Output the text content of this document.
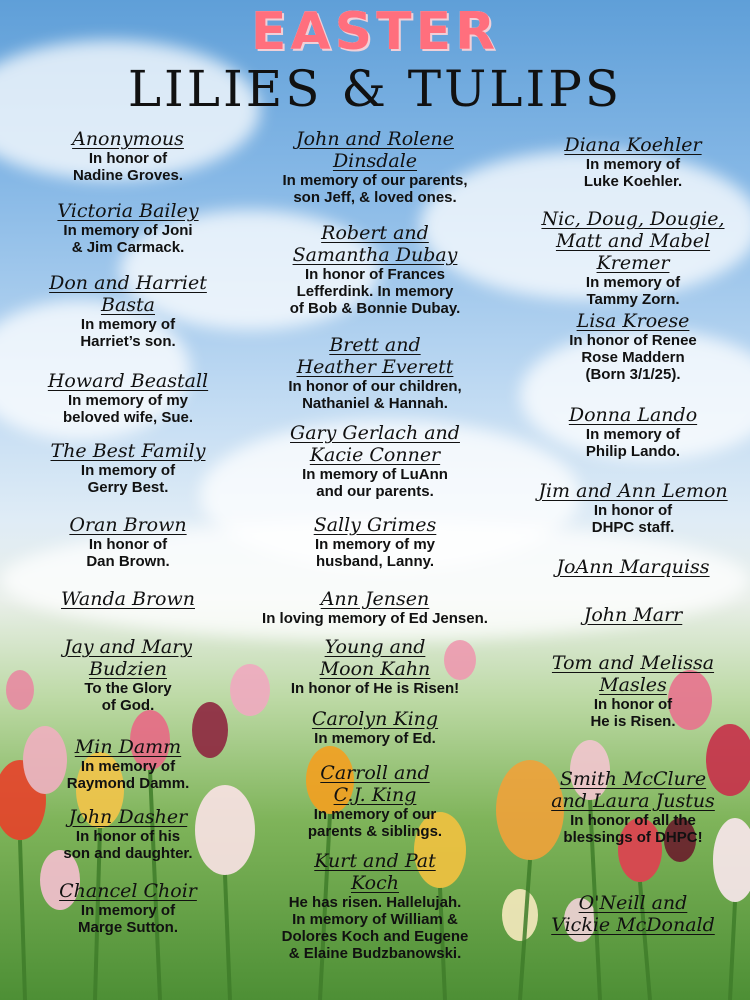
EASTER
LILIES & TULIPS
Anonymous
In honor of
Nadine Groves.
Victoria Bailey
In memory of Joni
& Jim Carmack.
Don and Harriet Basta
In memory of
Harriet’s son.
Howard Beastall
In memory of my
beloved wife, Sue.
The Best Family
In memory of
Gerry Best.
Oran Brown
In honor of
Dan Brown.
Wanda Brown
Jay and Mary Budzien
To the Glory
of God.
Min Damm
In memory of
Raymond Damm.
John Dasher
In honor of his
son and daughter.
Chancel Choir
In memory of
Marge Sutton.
John and Rolene Dinsdale
In memory of our parents,
son Jeff, & loved ones.
Robert and Samantha Dubay
In honor of Frances
Lefferdink. In memory
of Bob & Bonnie Dubay.
Brett and Heather Everett
In honor of our children,
Nathaniel & Hannah.
Gary Gerlach and Kacie Conner
In memory of LuAnn
and our parents.
Sally Grimes
In memory of my
husband, Lanny.
Ann Jensen
In loving memory of Ed Jensen.
Young and Moon Kahn
In honor of He is Risen!
Carolyn King
In memory of Ed.
Carroll and C.J. King
In memory of our
parents & siblings.
Kurt and Pat Koch
He has risen. Hallelujah.
In memory of William &
Dolores Koch and Eugene
& Elaine Budzbanowski.
Diana Koehler
In memory of
Luke Koehler.
Nic, Doug, Dougie, Matt and Mabel Kremer
In memory of
Tammy Zorn.
Lisa Kroese
In honor of Renee
Rose Maddern
(Born 3/1/25).
Donna Lando
In memory of
Philip Lando.
Jim and Ann Lemon
In honor of
DHPC staff.
JoAnn Marquiss
John Marr
Tom and Melissa Masles
In honor of
He is Risen.
Smith McClure and Laura Justus
In honor of all the
blessings of DHPC!
O'Neill and Vickie McDonald
